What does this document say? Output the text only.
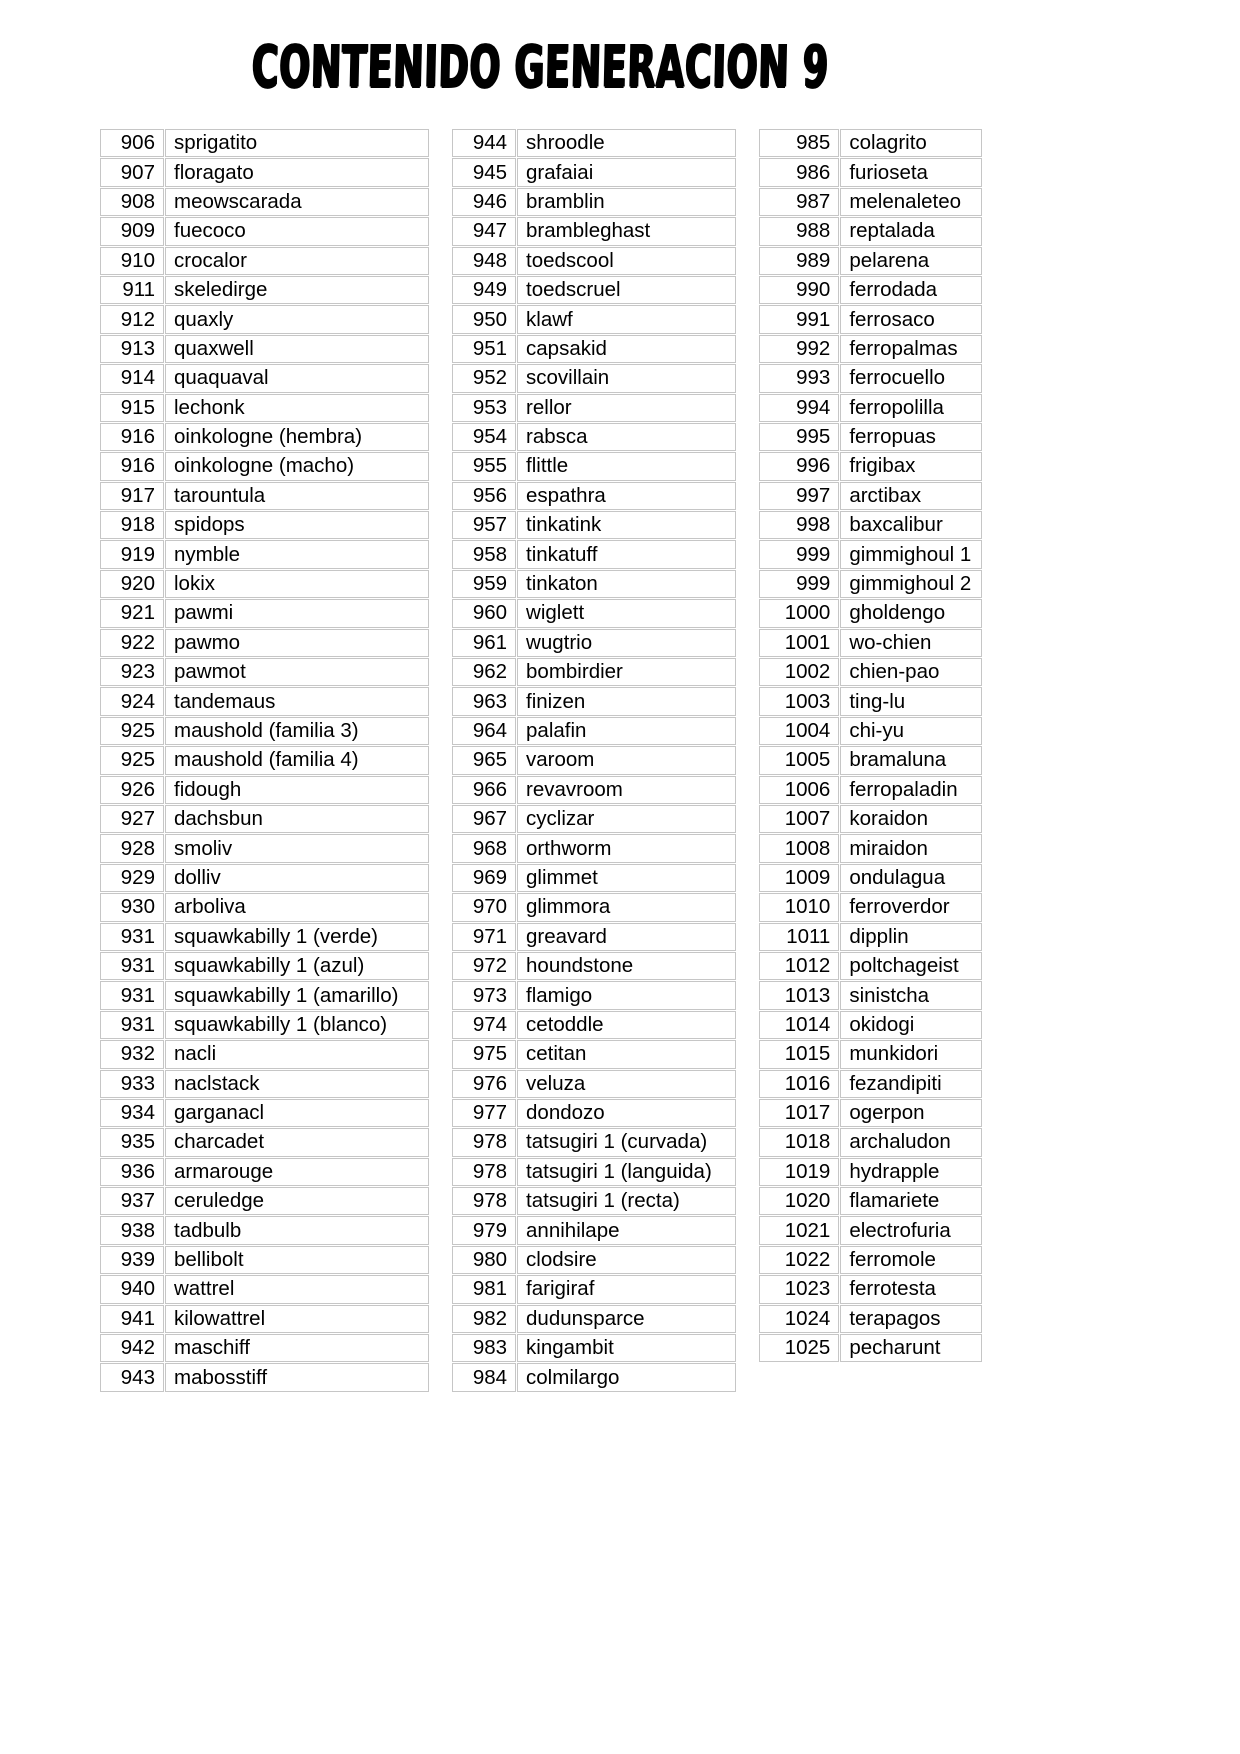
CONTENIDO GENERACION 9
906	sprigatito
907	floragato
908	meowscarada
909	fuecoco
910	crocalor
911	skeledirge
912	quaxly
913	quaxwell
914	quaquaval
915	lechonk
916	oinkologne (hembra)
916	oinkologne (macho)
917	tarountula
918	spidops
919	nymble
920	lokix
921	pawmi
922	pawmo
923	pawmot
924	tandemaus
925	maushold (familia 3)
925	maushold (familia 4)
926	fidough
927	dachsbun
928	smoliv
929	dolliv
930	arboliva
931	squawkabilly 1 (verde)
931	squawkabilly 1 (azul)
931	squawkabilly 1 (amarillo)
931	squawkabilly 1 (blanco)
932	nacli
933	naclstack
934	garganacl
935	charcadet
936	armarouge
937	ceruledge
938	tadbulb
939	bellibolt
940	wattrel
941	kilowattrel
942	maschiff
943	mabosstiff
944	shroodle
945	grafaiai
946	bramblin
947	brambleghast
948	toedscool
949	toedscruel
950	klawf
951	capsakid
952	scovillain
953	rellor
954	rabsca
955	flittle
956	espathra
957	tinkatink
958	tinkatuff
959	tinkaton
960	wiglett
961	wugtrio
962	bombirdier
963	finizen
964	palafin
965	varoom
966	revavroom
967	cyclizar
968	orthworm
969	glimmet
970	glimmora
971	greavard
972	houndstone
973	flamigo
974	cetoddle
975	cetitan
976	veluza
977	dondozo
978	tatsugiri 1 (curvada)
978	tatsugiri 1 (languida)
978	tatsugiri 1 (recta)
979	annihilape
980	clodsire
981	farigiraf
982	dudunsparce
983	kingambit
984	colmilargo
985	colagrito
986	furioseta
987	melenaleteo
988	reptalada
989	pelarena
990	ferrodada
991	ferrosaco
992	ferropalmas
993	ferrocuello
994	ferropolilla
995	ferropuas
996	frigibax
997	arctibax
998	baxcalibur
999	gimmighoul 1
999	gimmighoul 2
1000	gholdengo
1001	wo-chien
1002	chien-pao
1003	ting-lu
1004	chi-yu
1005	bramaluna
1006	ferropaladin
1007	koraidon
1008	miraidon
1009	ondulagua
1010	ferroverdor
1011	dipplin
1012	poltchageist
1013	sinistcha
1014	okidogi
1015	munkidori
1016	fezandipiti
1017	ogerpon
1018	archaludon
1019	hydrapple
1020	flamariete
1021	electrofuria
1022	ferromole
1023	ferrotesta
1024	terapagos
1025	pecharunt
